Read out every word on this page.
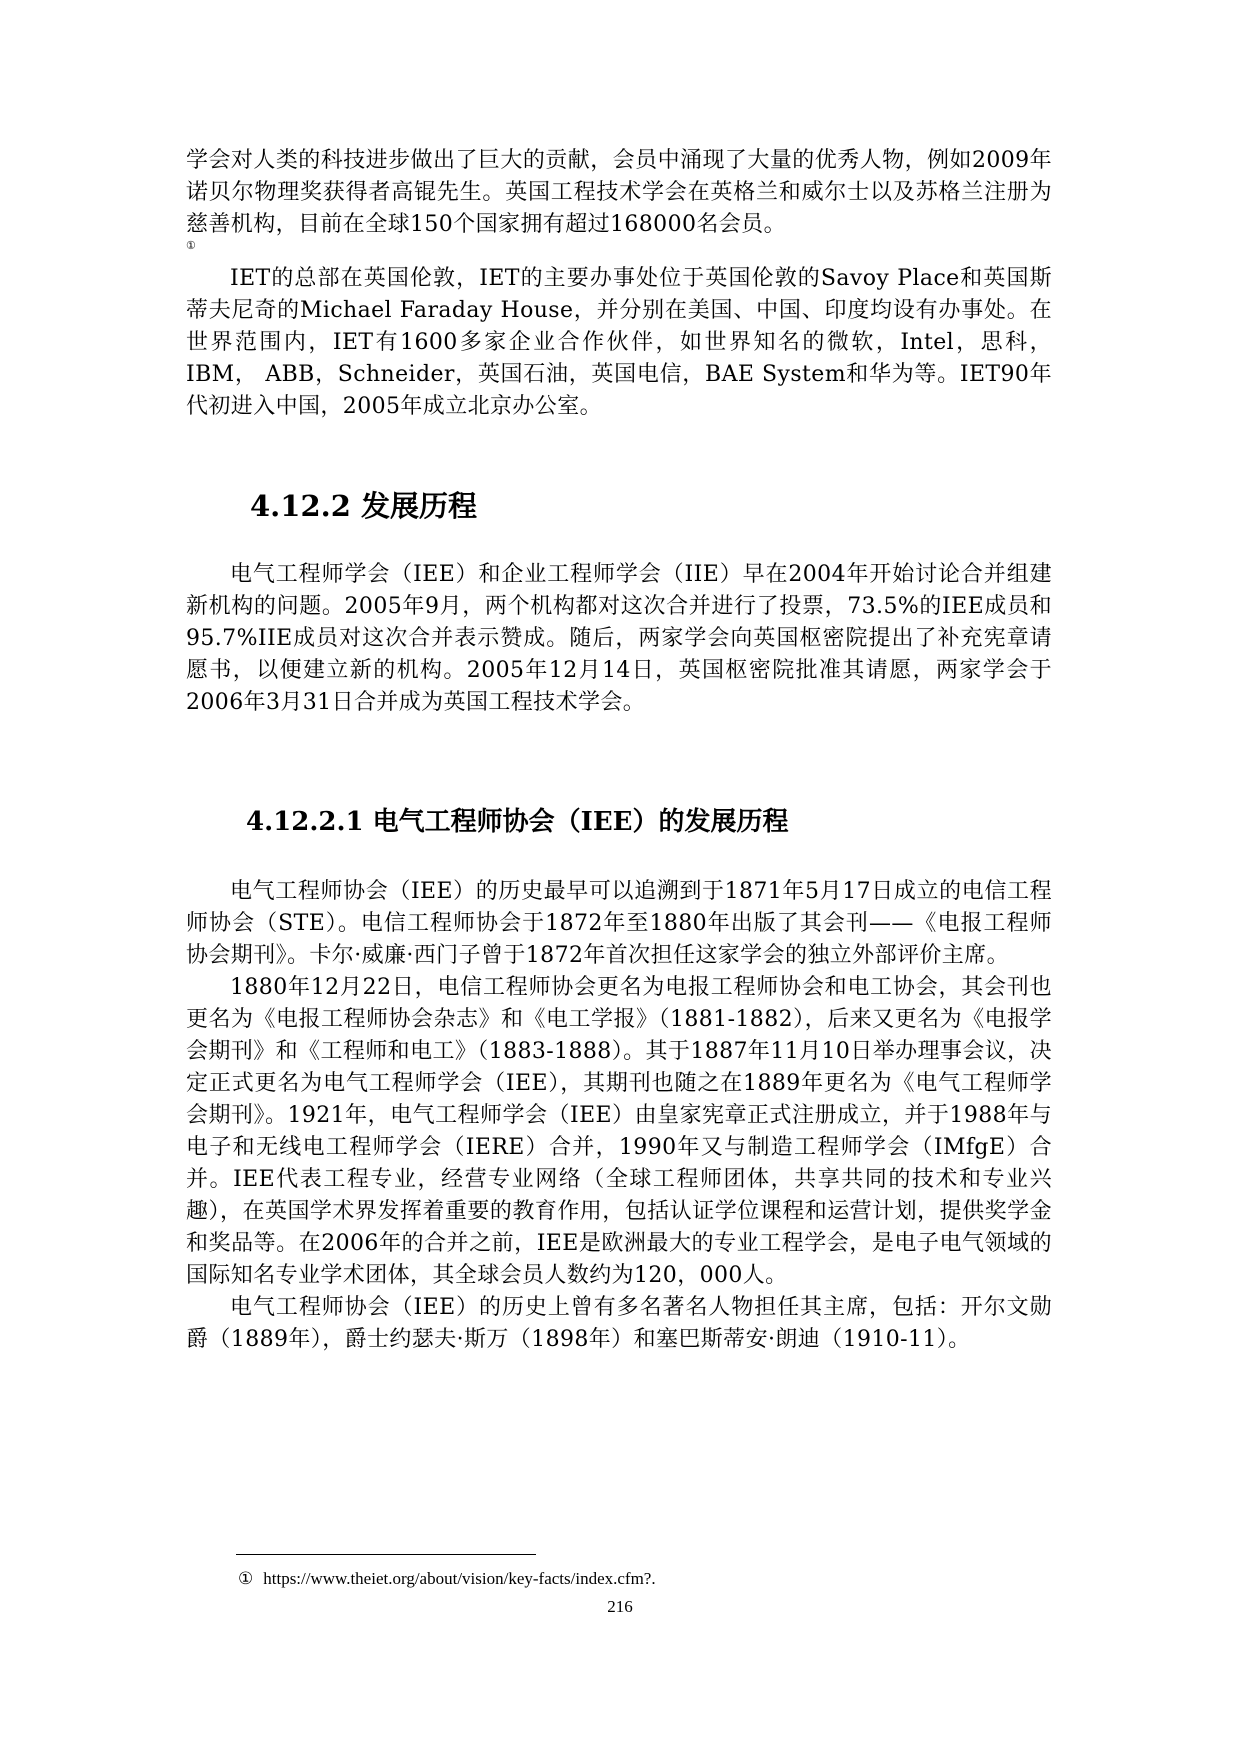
学会对人类的科技进步做出了巨大的贡献，会员中涌现了大量的优秀人物，例如2009年诺贝尔物理奖获得者高锟先生。英国工程技术学会在英格兰和威尔士以及苏格兰注册为慈善机构，目前在全球150个国家拥有超过168000名会员。

①

IET的总部在英国伦敦，IET的主要办事处位于英国伦敦的Savoy Place和英国斯蒂夫尼奇的Michael Faraday House，并分别在美国、中国、印度均设有办事处。在世界范围内，IET有1600多家企业合作伙伴，如世界知名的微软，Intel，思科，IBM， ABB，Schneider，英国石油，英国电信，BAE System和华为等。IET90年代初进入中国，2005年成立北京办公室。

4.12.2 发展历程

电气工程师学会（IEE）和企业工程师学会（IIE）早在2004年开始讨论合并组建新机构的问题。2005年9月，两个机构都对这次合并进行了投票，73.5%的IEE成员和95.7%IIE成员对这次合并表示赞成。随后，两家学会向英国枢密院提出了补充宪章请愿书，以便建立新的机构。2005年12月14日，英国枢密院批准其请愿，两家学会于2006年3月31日合并成为英国工程技术学会。

4.12.2.1 电气工程师协会（IEE）的发展历程

电气工程师协会（IEE）的历史最早可以追溯到于1871年5月17日成立的电信工程师协会（STE）。电信工程师协会于1872年至1880年出版了其会刊——《电报工程师协会期刊》。卡尔·威廉·西门子曾于1872年首次担任这家学会的独立外部评价主席。

1880年12月22日，电信工程师协会更名为电报工程师协会和电工协会，其会刊也更名为《电报工程师协会杂志》和《电工学报》（1881-1882），后来又更名为《电报学会期刊》和《工程师和电工》（1883-1888）。其于1887年11月10日举办理事会议，决定正式更名为电气工程师学会（IEE），其期刊也随之在1889年更名为《电气工程师学会期刊》。1921年，电气工程师学会（IEE）由皇家宪章正式注册成立，并于1988年与电子和无线电工程师学会（IERE）合并，1990年又与制造工程师学会（IMfgE）合并。IEE代表工程专业，经营专业网络（全球工程师团体，共享共同的技术和专业兴趣），在英国学术界发挥着重要的教育作用，包括认证学位课程和运营计划，提供奖学金和奖品等。在2006年的合并之前，IEE是欧洲最大的专业工程学会，是电子电气领域的国际知名专业学术团体，其全球会员人数约为120，000人。

电气工程师协会（IEE）的历史上曾有多名著名人物担任其主席，包括：开尔文勋爵（1889年），爵士约瑟夫·斯万（1898年）和塞巴斯蒂安·朗迪（1910-11）。

① https://www.theiet.org/about/vision/key-facts/index.cfm?.
216
